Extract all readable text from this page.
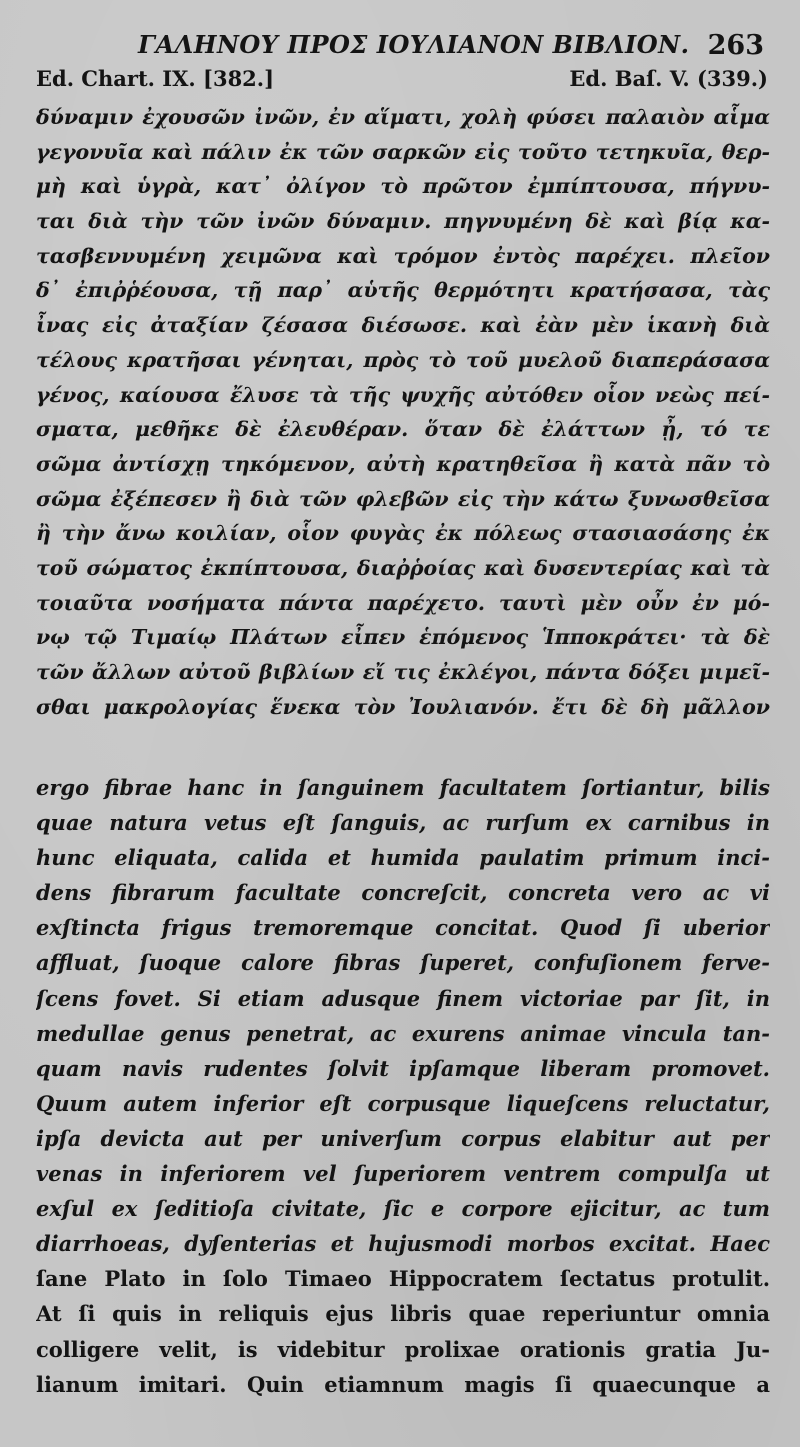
ΓΑΛΗΝΟΥ ΠΡΟΣ ΙΟΥΛΙΑΝΟΝ ΒΙΒΛΙΟΝ. 263
Ed. Chart. IX. [382.]	Ed. Baſ. V. (339.)
δύναμιν ἐχουσῶν ἰνῶν, ἐν αἵματι, χολὴ φύσει παλαιὸν αἷμα
γεγονυῖα καὶ πάλιν ἐκ τῶν σαρκῶν εἰς τοῦτο τετηκυῖα, θερ-
μὴ καὶ ὑγρὰ, κατ᾽ ὀλίγον τὸ πρῶτον ἐμπίπτουσα, πήγνυ-
ται διὰ τὴν τῶν ἰνῶν δύναμιν. πηγνυμένη δὲ καὶ βίᾳ κα-
τασβεννυμένη χειμῶνα καὶ τρόμον ἐντὸς παρέχει. πλεῖον
δ᾽ ἐπιῤῥέουσα, τῇ παρ᾽ αὑτῆς θερμότητι κρατήσασα, τὰς
ἶνας εἰς ἀταξίαν ζέσασα διέσωσε. καὶ ἐὰν μὲν ἱκανὴ διὰ
τέλους κρατῆσαι γένηται, πρὸς τὸ τοῦ μυελοῦ διαπεράσασα
γένος, καίουσα ἔλυσε τὰ τῆς ψυχῆς αὐτόθεν οἷον νεὼς πεί-
σματα, μεθῆκε δὲ ἐλευθέραν. ὅταν δὲ ἐλάττων ᾖ, τό τε
σῶμα ἀντίσχῃ τηκόμενον, αὐτὴ κρατηθεῖσα ἢ κατὰ πᾶν τὸ
σῶμα ἐξέπεσεν ἢ διὰ τῶν φλεβῶν εἰς τὴν κάτω ξυνωσθεῖσα
ἢ τὴν ἄνω κοιλίαν, οἷον φυγὰς ἐκ πόλεως στασιασάσης ἐκ
τοῦ σώματος ἐκπίπτουσα, διαῤῥοίας καὶ δυσεντερίας καὶ τὰ
τοιαῦτα νοσήματα πάντα παρέχετο. ταυτὶ μὲν οὖν ἐν μό-
νῳ τῷ Τιμαίῳ Πλάτων εἶπεν ἑπόμενος Ἱπποκράτει· τὰ δὲ
τῶν ἄλλων αὐτοῦ βιβλίων εἴ τις ἐκλέγοι, πάντα δόξει μιμεῖ-
σθαι μακρολογίας ἕνεκα τὸν Ἰουλιανόν. ἔτι δὲ δὴ μᾶλλον
ergo fibrae hanc in ſanguinem facultatem ſortiantur, bilis
quae natura vetus eſt ſanguis, ac rurſum ex carnibus in
hunc eliquata, calida et humida paulatim primum inci-
dens fibrarum facultate concreſcit, concreta vero ac vi
exſtincta frigus tremoremque concitat. Quod ſi uberior
affluat, ſuoque calore fibras ſuperet, confuſionem ferve-
ſcens fovet. Si etiam adusque finem victoriae par ſit, in
medullae genus penetrat, ac exurens animae vincula tan-
quam navis rudentes ſolvit ipſamque liberam promovet.
Quum autem inferior eſt corpusque liqueſcens reluctatur,
ipſa devicta aut per univerſum corpus elabitur aut per
venas in inferiorem vel ſuperiorem ventrem compulſa ut
exſul ex ſeditioſa civitate, ſic e corpore ejicitur, ac tum
diarrhoeas, dyſenterias et hujusmodi morbos excitat. Haec
ſane Plato in ſolo Timaeo Hippocratem ſectatus protulit.
At ſi quis in reliquis ejus libris quae reperiuntur omnia
colligere velit, is videbitur prolixae orationis gratia Ju-
lianum imitari. Quin etiamnum magis ſi quaecunque a
